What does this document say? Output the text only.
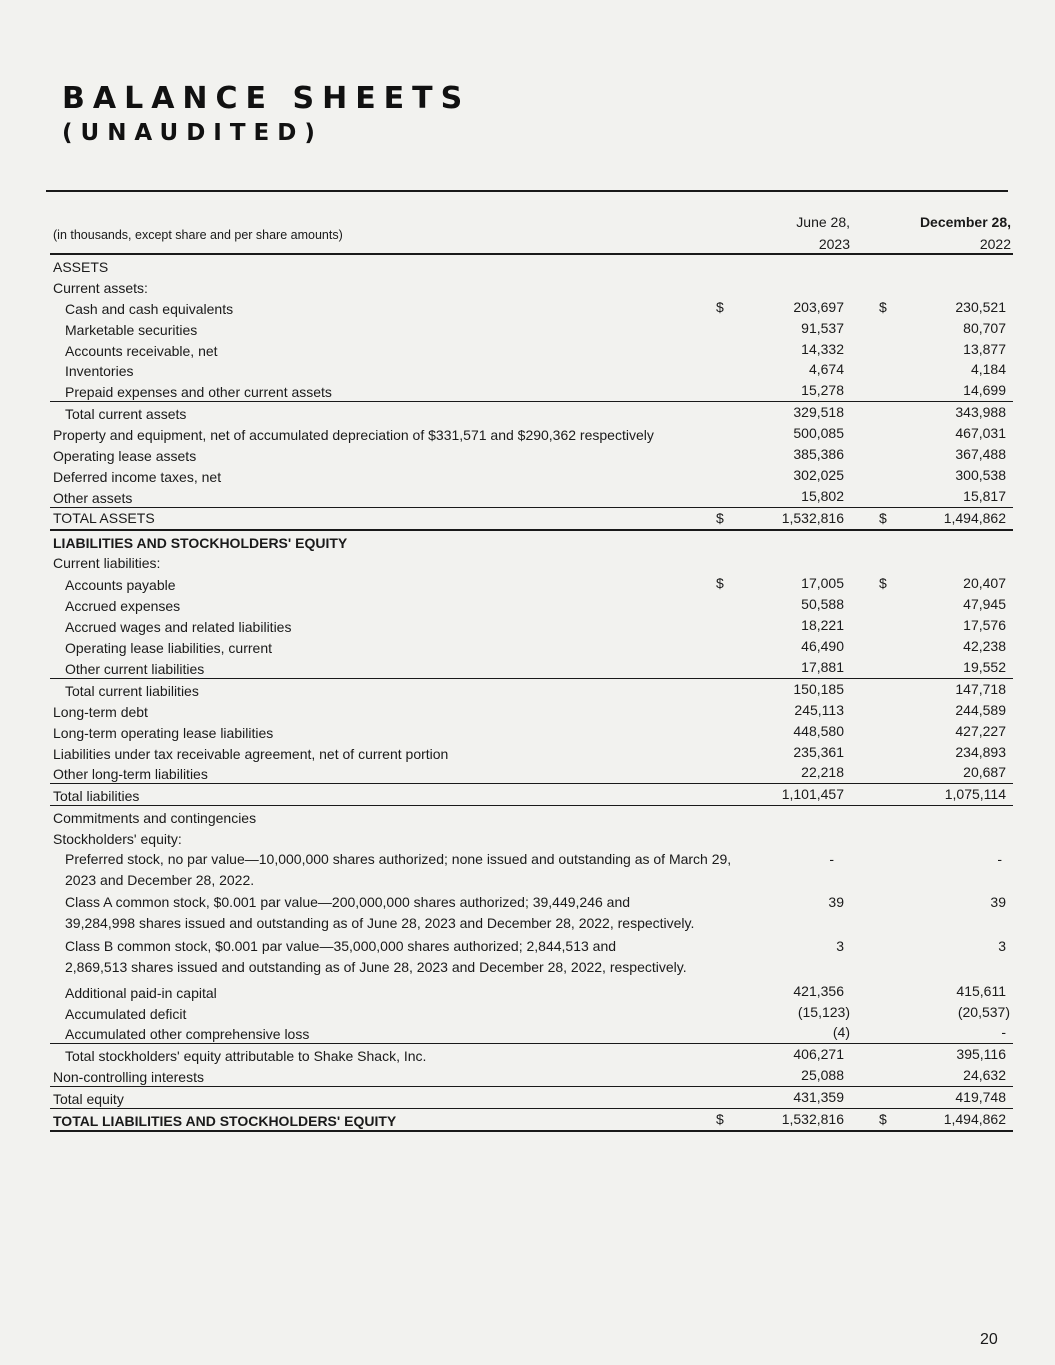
BALANCE SHEETS
(UNAUDITED)
(in thousands, except share and per share amounts)
June 28,
2023
December 28,
2022
ASSETS
Current assets:
Cash and cash equivalents	$	203,697	$	230,521
Marketable securities	91,537	80,707
Accounts receivable, net	14,332	13,877
Inventories	4,674	4,184
Prepaid expenses and other current assets	15,278	14,699
Total current assets	329,518	343,988
Property and equipment, net of accumulated depreciation of $331,571 and $290,362 respectively	500,085	467,031
Operating lease assets	385,386	367,488
Deferred income taxes, net	302,025	300,538
Other assets	15,802	15,817
TOTAL ASSETS	$	1,532,816	$	1,494,862
LIABILITIES AND STOCKHOLDERS' EQUITY
Current liabilities:
Accounts payable	$	17,005	$	20,407
Accrued expenses	50,588	47,945
Accrued wages and related liabilities	18,221	17,576
Operating lease liabilities, current	46,490	42,238
Other current liabilities	17,881	19,552
Total current liabilities	150,185	147,718
Long-term debt	245,113	244,589
Long-term operating lease liabilities	448,580	427,227
Liabilities under tax receivable agreement, net of current portion	235,361	234,893
Other long-term liabilities	22,218	20,687
Total liabilities	1,101,457	1,075,114
Commitments and contingencies
Stockholders' equity:
Preferred stock, no par value—10,000,000 shares authorized; none issued and outstanding as of March 29,
2023 and December 28, 2022.
-	-
Class A common stock, $0.001 par value—200,000,000 shares authorized; 39,449,246 and
39,284,998 shares issued and outstanding as of June 28, 2023 and December 28, 2022, respectively.
39	39
Class B common stock, $0.001 par value—35,000,000 shares authorized; 2,844,513 and
2,869,513 shares issued and outstanding as of June 28, 2023 and December 28, 2022, respectively.
3	3
Additional paid-in capital	421,356	415,611
Accumulated deficit	(15,123)	(20,537)
Accumulated other comprehensive loss	(4)	-
Total stockholders' equity attributable to Shake Shack, Inc.	406,271	395,116
Non-controlling interests	25,088	24,632
Total equity	431,359	419,748
TOTAL LIABILITIES AND STOCKHOLDERS' EQUITY	$	1,532,816	$	1,494,862
20
